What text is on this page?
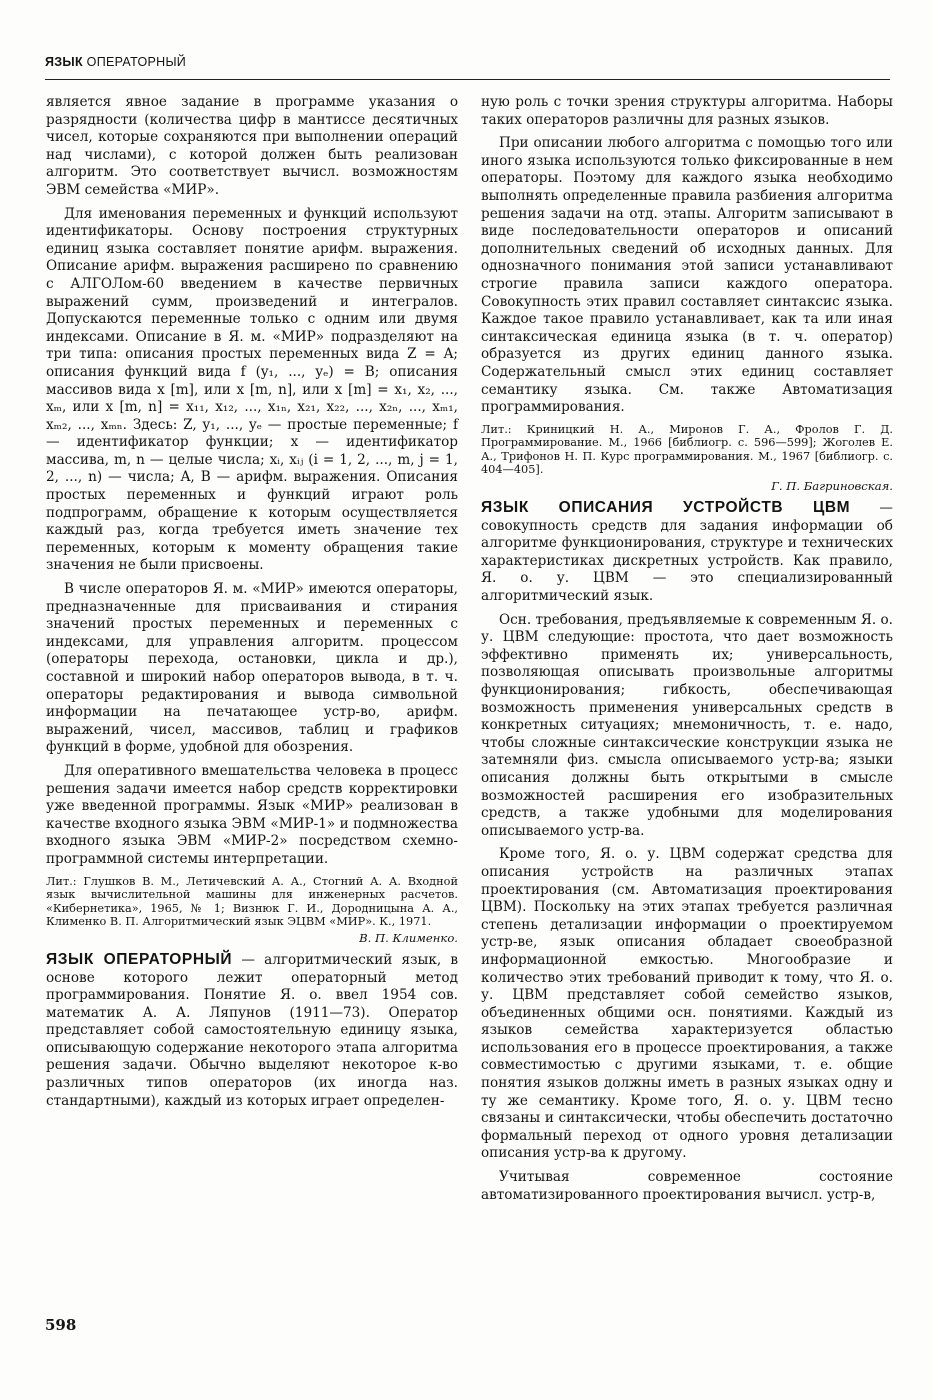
ЯЗЫК ОПЕРАТОРНЫЙ

является явное задание в программе указания о разрядности (количества цифр в мантиссе десятичных чисел, которые сохраняются при выполнении операций над числами), с которой должен быть реализован алгоритм. Это соответствует вычисл. возможностям ЭВМ семейства «МИР».

Для именования переменных и функций используют идентификаторы. Основу построения структурных единиц языка составляет понятие арифм. выражения. Описание арифм. выражения расширено по сравнению с АЛГОЛом-60 введением в качестве первичных выражений сумм, произведений и интегралов. Допускаются переменные только с одним или двумя индексами. Описание в Я. м. «МИР» подразделяют на три типа: описания простых переменных вида Z = A; описания функций вида f (y₁, ..., yₑ) = B; описания массивов вида x [m], или x [m, n], или x [m] = x₁, x₂, ..., xₘ, или x [m, n] = x₁₁, x₁₂, ..., x₁ₙ, x₂₁, x₂₂, ..., x₂ₙ, ..., xₘ₁, xₘ₂, ..., xₘₙ. Здесь: Z, y₁, ..., yₑ — простые переменные; f — идентификатор функции; x — идентификатор массива, m, n — целые числа; xᵢ, xᵢⱼ (i = 1, 2, ..., m, j = 1, 2, ..., n) — числа; A, B — арифм. выражения. Описания простых переменных и функций играют роль подпрограмм, обращение к которым осуществляется каждый раз, когда требуется иметь значение тех переменных, которым к моменту обращения такие значения не были присвоены.

В числе операторов Я. м. «МИР» имеются операторы, предназначенные для присваивания и стирания значений простых переменных и переменных с индексами, для управления алгоритм. процессом (операторы перехода, остановки, цикла и др.), составной и широкий набор операторов вывода, в т. ч. операторы редактирования и вывода символьной информации на печатающее устр-во, арифм. выражений, чисел, массивов, таблиц и графиков функций в форме, удобной для обозрения.

Для оперативного вмешательства человека в процесс решения задачи имеется набор средств корректировки уже введенной программы. Язык «МИР» реализован в качестве входного языка ЭВМ «МИР-1» и подмножества входного языка ЭВМ «МИР-2» посредством схемно-программной системы интерпретации.

Лит.: Глушков В. М., Летичевский А. А., Стогний А. А. Входной язык вычислительной машины для инженерных расчетов. «Кибернетика», 1965, № 1; Визнюк Г. И., Дородницына А. А., Клименко В. П. Алгоритмический язык ЭЦВМ «МИР». К., 1971.

В. П. Клименко.

ЯЗЫК ОПЕРАТОРНЫЙ — алгоритмический язык, в основе которого лежит операторный метод программирования. Понятие Я. о. ввел 1954 сов. математик А. А. Ляпунов (1911—73). Оператор представляет собой самостоятельную единицу языка, описывающую содержание некоторого этапа алгоритма решения задачи. Обычно выделяют некоторое к-во различных типов операторов (их иногда наз. стандартными), каждый из которых играет определен-

ную роль с точки зрения структуры алгоритма. Наборы таких операторов различны для разных языков.

При описании любого алгоритма с помощью того или иного языка используются только фиксированные в нем операторы. Поэтому для каждого языка необходимо выполнять определенные правила разбиения алгоритма решения задачи на отд. этапы. Алгоритм записывают в виде последовательности операторов и описаний дополнительных сведений об исходных данных. Для однозначного понимания этой записи устанавливают строгие правила записи каждого оператора. Совокупность этих правил составляет синтаксис языка. Каждое такое правило устанавливает, как та или иная синтаксическая единица языка (в т. ч. оператор) образуется из других единиц данного языка. Содержательный смысл этих единиц составляет семантику языка. См. также Автоматизация программирования.

Лит.: Криницкий Н. А., Миронов Г. А., Фролов Г. Д. Программирование. М., 1966 [библиогр. с. 596—599]; Жоголев Е. А., Трифонов Н. П. Курс программирования. М., 1967 [библиогр. с. 404—405].

Г. П. Багриновская.

ЯЗЫК ОПИСАНИЯ УСТРОЙСТВ ЦВМ — совокупность средств для задания информации об алгоритме функционирования, структуре и технических характеристиках дискретных устройств. Как правило, Я. о. у. ЦВМ — это специализированный алгоритмический язык.

Осн. требования, предъявляемые к современным Я. о. у. ЦВМ следующие: простота, что дает возможность эффективно применять их; универсальность, позволяющая описывать произвольные алгоритмы функционирования; гибкость, обеспечивающая возможность применения универсальных средств в конкретных ситуациях; мнемоничность, т. е. надо, чтобы сложные синтаксические конструкции языка не затемняли физ. смысла описываемого устр-ва; языки описания должны быть открытыми в смысле возможностей расширения его изобразительных средств, а также удобными для моделирования описываемого устр-ва.

Кроме того, Я. о. у. ЦВМ содержат средства для описания устройств на различных этапах проектирования (см. Автоматизация проектирования ЦВМ). Поскольку на этих этапах требуется различная степень детализации информации о проектируемом устр-ве, язык описания обладает своеобразной информационной емкостью. Многообразие и количество этих требований приводит к тому, что Я. о. у. ЦВМ представляет собой семейство языков, объединенных общими осн. понятиями. Каждый из языков семейства характеризуется областью использования его в процессе проектирования, а также совместимостью с другими языками, т. е. общие понятия языков должны иметь в разных языках одну и ту же семантику. Кроме того, Я. о. у. ЦВМ тесно связаны и синтаксически, чтобы обеспечить достаточно формальный переход от одного уровня детализации описания устр-ва к другому.

Учитывая современное состояние автоматизированного проектирования вычисл. устр-в,

598
